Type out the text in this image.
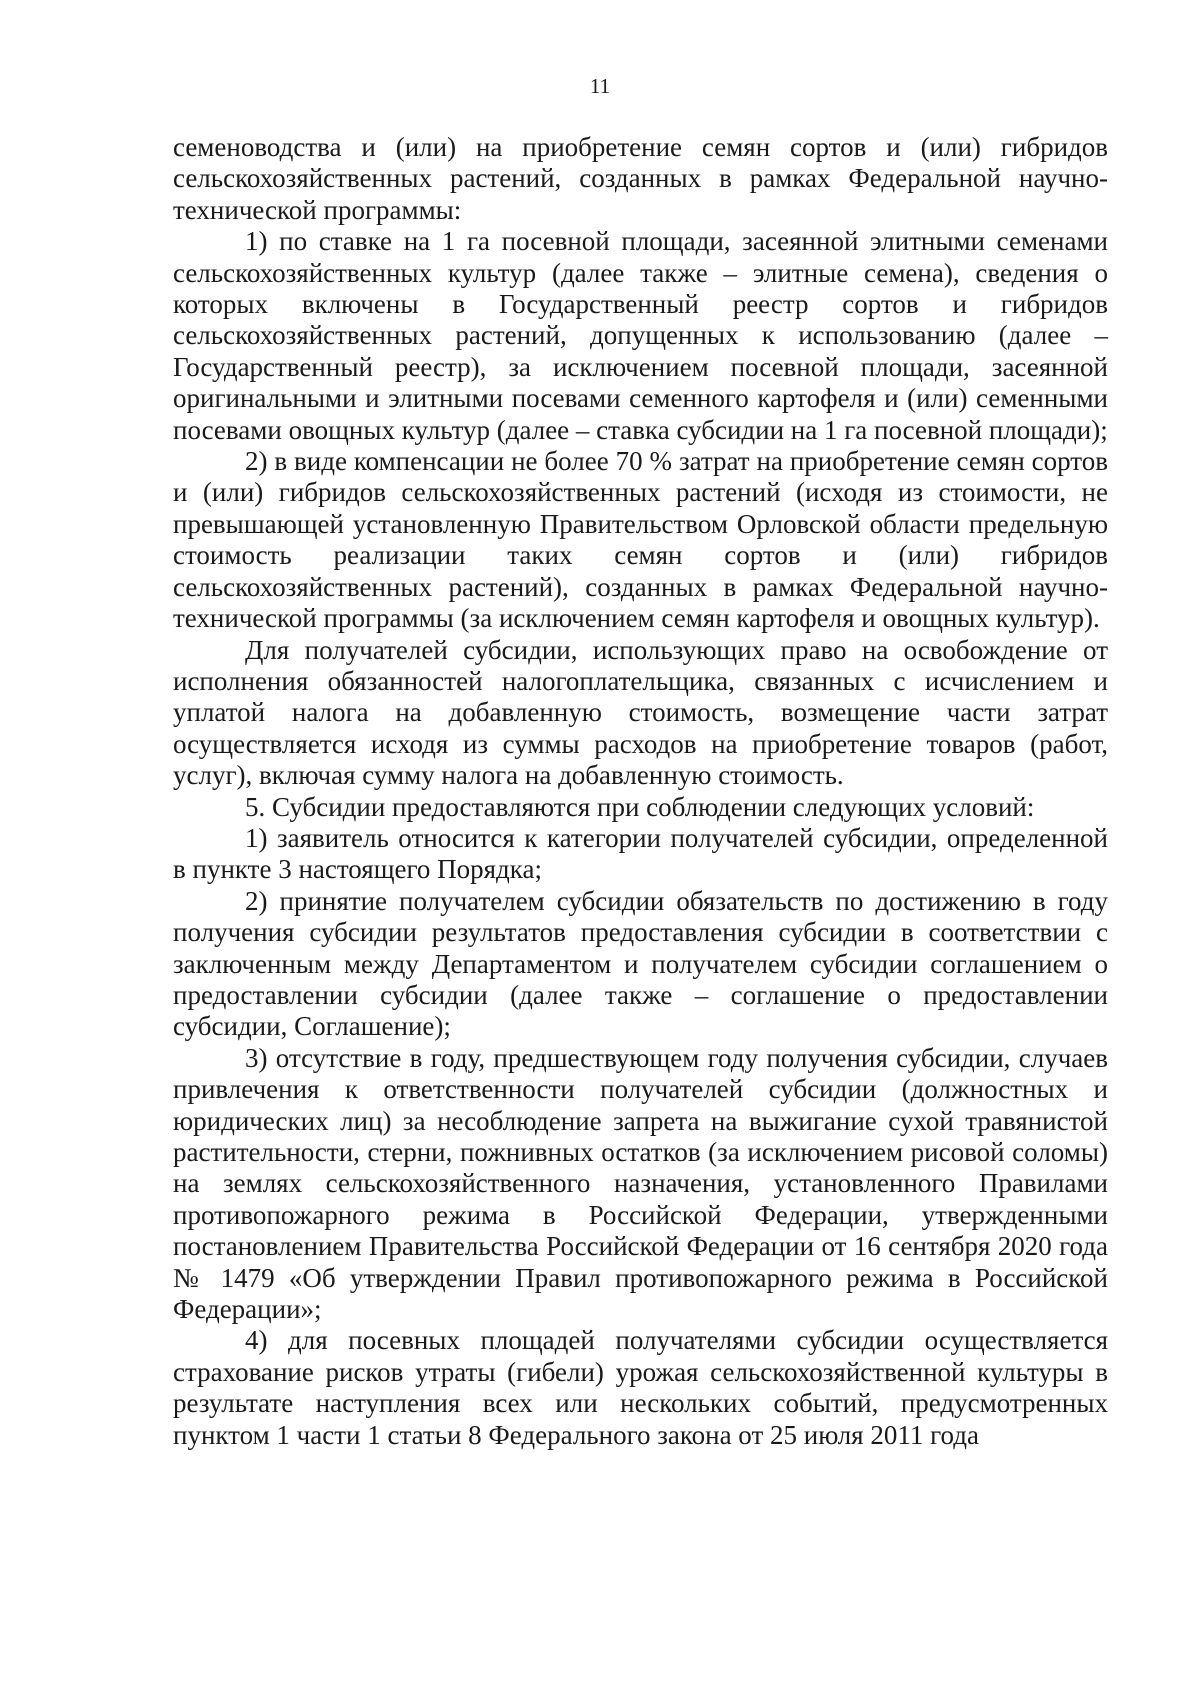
11

семеноводства и (или) на приобретение семян сортов и (или) гибридов сельскохозяйственных растений, созданных в рамках Федеральной научно-технической программы:

1) по ставке на 1 га посевной площади, засеянной элитными семенами сельскохозяйственных культур (далее также – элитные семена), сведения о которых включены в Государственный реестр сортов и гибридов сельскохозяйственных растений, допущенных к использованию (далее – Государственный реестр), за исключением посевной площади, засеянной оригинальными и элитными посевами семенного картофеля и (или) семенными посевами овощных культур (далее – ставка субсидии на 1 га посевной площади);

2) в виде компенсации не более 70 % затрат на приобретение семян сортов и (или) гибридов сельскохозяйственных растений (исходя из стоимости, не превышающей установленную Правительством Орловской области предельную стоимость реализации таких семян сортов и (или) гибридов сельскохозяйственных растений), созданных в рамках Федеральной научно-технической программы (за исключением семян картофеля и овощных культур).

Для получателей субсидии, использующих право на освобождение от исполнения обязанностей налогоплательщика, связанных с исчислением и уплатой налога на добавленную стоимость, возмещение части затрат осуществляется исходя из суммы расходов на приобретение товаров (работ, услуг), включая сумму налога на добавленную стоимость.

5. Субсидии предоставляются при соблюдении следующих условий:

1) заявитель относится к категории получателей субсидии, определенной в пункте 3 настоящего Порядка;

2) принятие получателем субсидии обязательств по достижению в году получения субсидии результатов предоставления субсидии в соответствии с заключенным между Департаментом и получателем субсидии соглашением о предоставлении субсидии (далее также – соглашение о предоставлении субсидии, Соглашение);

3) отсутствие в году, предшествующем году получения субсидии, случаев привлечения к ответственности получателей субсидии (должностных и юридических лиц) за несоблюдение запрета на выжигание сухой травянистой растительности, стерни, пожнивных остатков (за исключением рисовой соломы) на землях сельскохозяйственного назначения, установленного Правилами противопожарного режима в Российской Федерации, утвержденными постановлением Правительства Российской Федерации от 16 сентября 2020 года № 1479 «Об утверждении Правил противопожарного режима в Российской Федерации»;

4) для посевных площадей получателями субсидии осуществляется страхование рисков утраты (гибели) урожая сельскохозяйственной культуры в результате наступления всех или нескольких событий, предусмотренных пунктом 1 части 1 статьи 8 Федерального закона от 25 июля 2011 года
